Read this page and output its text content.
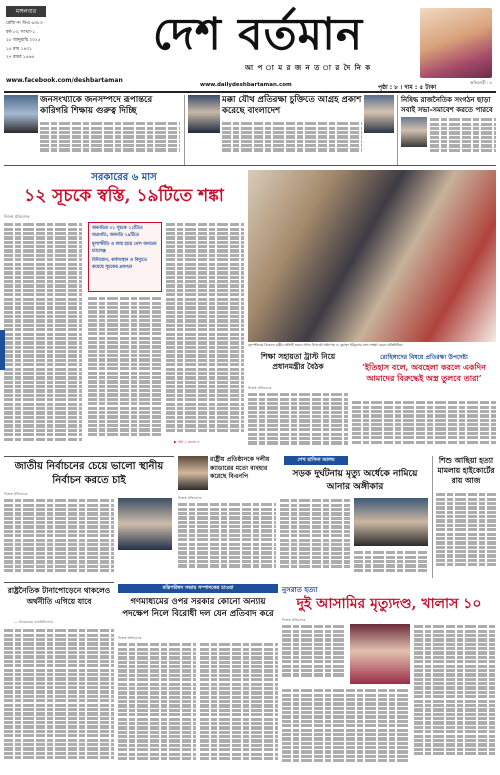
মঙ্গলবার
রেজি নং ডিএ ৬৩৮৩
বর্ষ-১৩, সংখ্যা-১
২৮ জানুয়ারি ২০২৫
১৫ মাঘ ১৪৩১
২৭ রজব ১৪৪৬	দেশ বর্তমান
আ প া ম র জ ন ত া র দৈ নি ক
অভিনেত্রী : ৮
www.facebook.com/deshbartaman
www.dailydeshbartaman.com	পৃষ্ঠা : ৮ । দাম : ৫ টাকা
জনসংখ্যাকে জনসম্পদে রূপান্তরে কারিগরি শিক্ষায় গুরুত্ব দিচ্ছি
মক্কা যৌথ প্রতিরক্ষা চুক্তিতে আগ্রহ প্রকাশ করেছে বাংলাদেশ
নিষিদ্ধ রাজনৈতিক সংগঠন ছাড়া সবাই সভা-সমাবেশ করতে পারবে
সরকারের ৬ মাস
১২ সূচকে স্বস্তি, ১৯টিতে শঙ্কা
নিজস্ব প্রতিবেদক
অবনতির ৩১ সূচকে ১২টিতে অগ্রগতি, অবনতি ১৯টিতে
মূল্যস্ফীতি ও জন্ম হারে গেল অন্যতম চ্যালেঞ্জ
বিনিয়োগ, কর্মসংস্থান ও বিদ্যুতে কমেছে সূচকের প্রবণতা
▶ পৃষ্ঠা ২ কলাম ৩
বৃহস্পতিবার বিকেলে রাষ্ট্রীয় অতিথি ভবনে প্রধান উপদেষ্টা অধ্যাপক ড. মুহাম্মদ ইউনূসের সঙ্গে সাক্ষাৎ করেন প্রতিনিধিরা।
শিক্ষা সহায়তা ট্রাস্ট নিয়ে প্রধানমন্ত্রীর বৈঠক
নিজস্ব প্রতিবেদক
রোহিঙ্গাদের বিষয়ে প্রতিরক্ষা উপদেষ্টা
‘ইতিহাস বলে, অবহেলা করলে একদিন আমাদের বিরুদ্ধেই অস্ত্র তুলবে তারা’
জাতীয় নির্বাচনের চেয়ে ভালো স্থানীয় নির্বাচন করতে চাই
নিজস্ব প্রতিবেদক
রাষ্ট্রীয় প্রতিষ্ঠানকে দলীয় ক্যাডারের মতো ব্যবহার করেছে বিএনপি
নিজস্ব প্রতিবেদক
শেখ হাসিনা আলম
সড়ক দুর্ঘটনায় মৃত্যু অর্ধেকে নামিয়ে আনার অঙ্গীকার
শিশু আছিয়া হত্যা মামলায় হাইকোর্টের রায় আজ
রাষ্ট্রনৈতিক টানাপোড়েনে থাকলেও অর্থনীতি এগিয়ে যাবে
— আবরারের ডায়রিফিলোর
মন্ত্রিপরিষদ সভায় সম্পাদকের চাওয়া
গণমাধ্যমের ওপর সরকার কোনো অন্যায় পদক্ষেপ নিলে বিরোধী দল যেন প্রতিবাদ করে
নিজস্ব প্রতিবেদক
নুসরাত হত্যা
দুই আসামির মৃত্যুদণ্ড, খালাস ১০
নিজস্ব প্রতিবেদক
